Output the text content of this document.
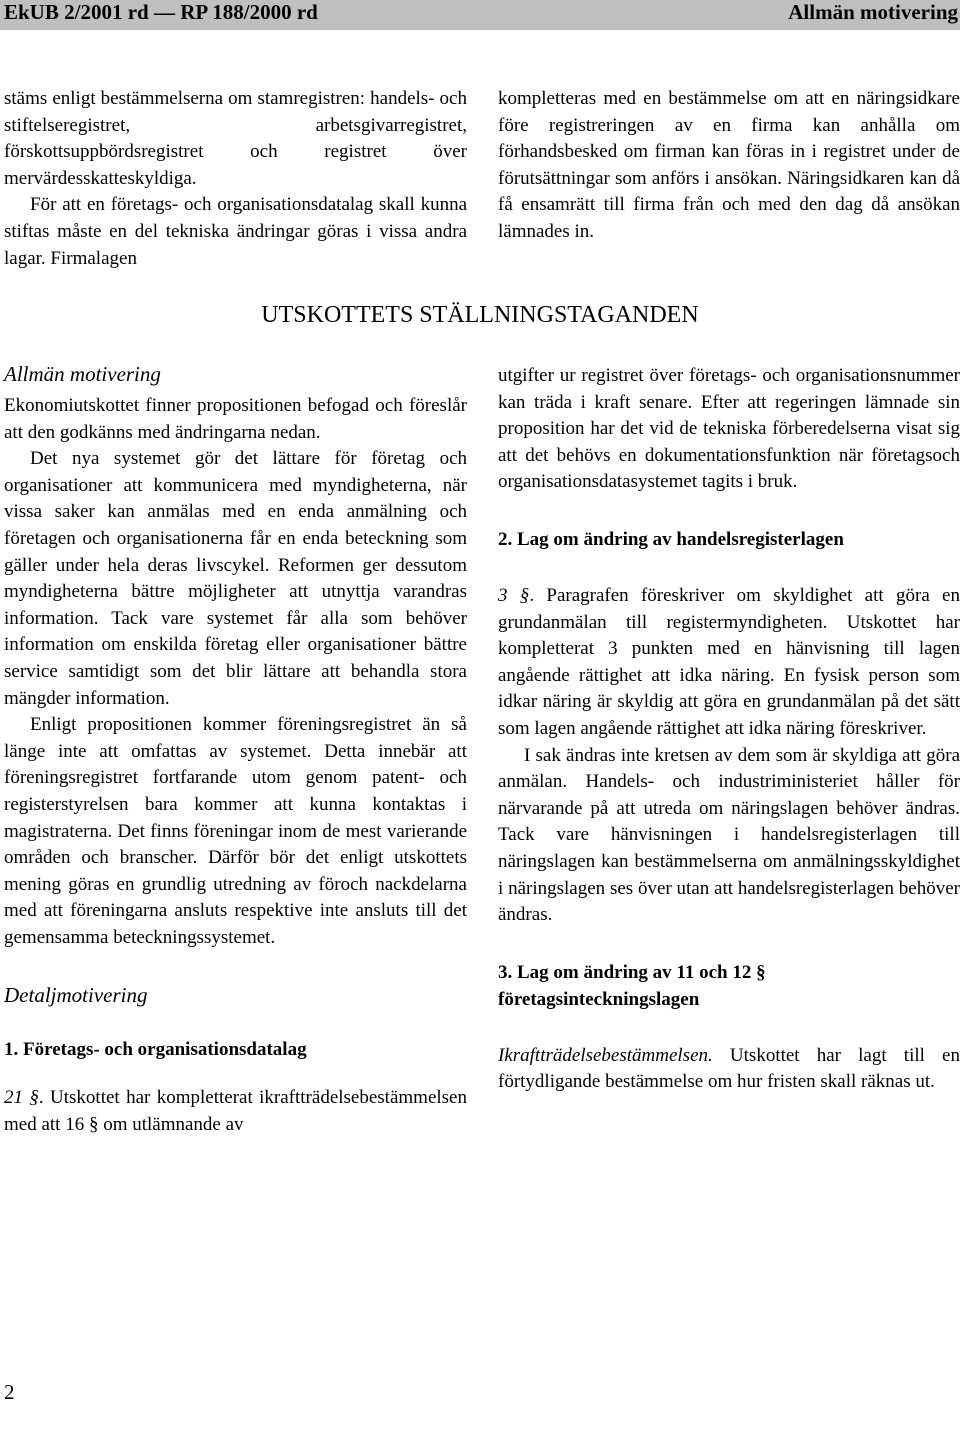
EkUB 2/2001 rd — RP 188/2000 rd	Allmän motivering

stäms enligt bestämmelserna om stamregistren: handels- och stiftelseregistret, arbetsgivarregistret, förskottsuppbördsregistret och registret över mervärdesskatteskyldiga.

För att en företags- och organisationsdatalag skall kunna stiftas måste en del tekniska ändringar göras i vissa andra lagar. Firmalagen

kompletteras med en bestämmelse om att en näringsidkare före registreringen av en firma kan anhålla om förhandsbesked om firman kan föras in i registret under de förutsättningar som anförs i ansökan. Näringsidkaren kan då få ensamrätt till firma från och med den dag då ansökan lämnades in.

UTSKOTTETS STÄLLNINGSTAGANDEN
Allmän motivering

Ekonomiutskottet finner propositionen befogad och föreslår att den godkänns med ändringarna nedan.

Det nya systemet gör det lättare för företag och organisationer att kommunicera med myndigheterna, när vissa saker kan anmälas med en enda anmälning och företagen och organisationerna får en enda beteckning som gäller under hela deras livscykel. Reformen ger dessutom myndigheterna bättre möjligheter att utnyttja varandras information. Tack vare systemet får alla som behöver information om enskilda företag eller organisationer bättre service samtidigt som det blir lättare att behandla stora mängder information.

Enligt propositionen kommer föreningsregistret än så länge inte att omfattas av systemet. Detta innebär att föreningsregistret fortfarande utom genom patent- och registerstyrelsen bara kommer att kunna kontaktas i magistraterna. Det finns föreningar inom de mest varierande områden och branscher. Därför bör det enligt utskottets mening göras en grundlig utredning av föroch nackdelarna med att föreningarna ansluts respektive inte ansluts till det gemensamma beteckningssystemet.

Detaljmotivering
1. Företags- och organisationsdatalag

21 §. Utskottet har kompletterat ikraftträdelsebestämmelsen med att 16 § om utlämnande av

utgifter ur registret över företags- och organisationsnummer kan träda i kraft senare. Efter att regeringen lämnade sin proposition har det vid de tekniska förberedelserna visat sig att det behövs en dokumentationsfunktion när företagsoch organisationsdatasystemet tagits i bruk.

2. Lag om ändring av handelsregisterlagen

3 §. Paragrafen föreskriver om skyldighet att göra en grundanmälan till registermyndigheten. Utskottet har kompletterat 3 punkten med en hänvisning till lagen angående rättighet att idka näring. En fysisk person som idkar näring är skyldig att göra en grundanmälan på det sätt som lagen angående rättighet att idka näring föreskriver.

I sak ändras inte kretsen av dem som är skyldiga att göra anmälan. Handels- och industriministeriet håller för närvarande på att utreda om näringslagen behöver ändras. Tack vare hänvisningen i handelsregisterlagen till näringslagen kan bestämmelserna om anmälningsskyldighet i näringslagen ses över utan att handelsregisterlagen behöver ändras.

3. Lag om ändring av 11 och 12 § företagsinteckningslagen

Ikraftträdelsebestämmelsen. Utskottet har lagt till en förtydligande bestämmelse om hur fristen skall räknas ut.

2
